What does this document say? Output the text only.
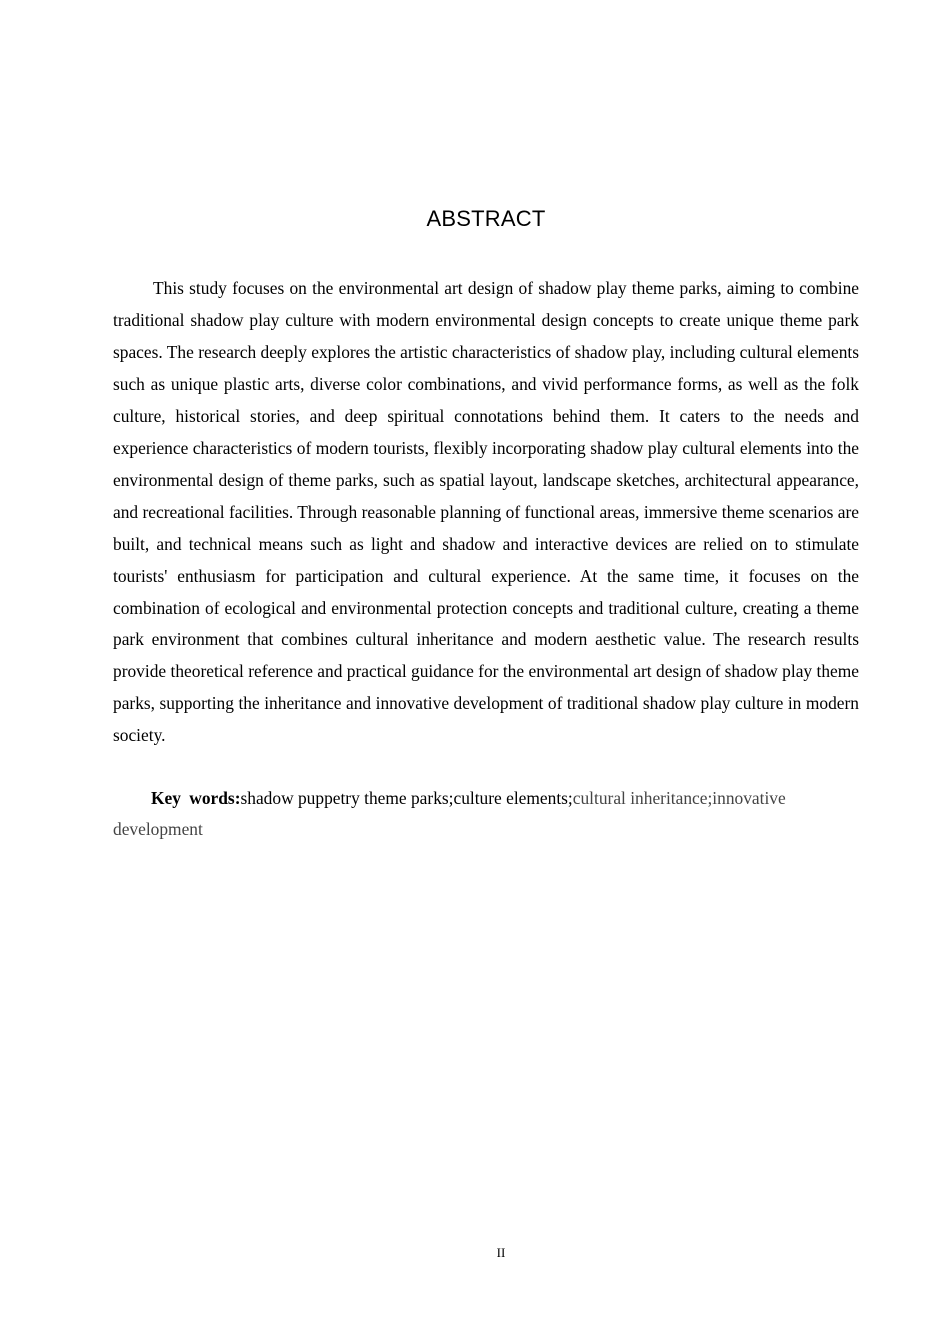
ABSTRACT

This study focuses on the environmental art design of shadow play theme parks, aiming to combine traditional shadow play culture with modern environmental design concepts to create unique theme park spaces. The research deeply explores the artistic characteristics of shadow play, including cultural elements such as unique plastic arts, diverse color combinations, and vivid performance forms, as well as the folk culture, historical stories, and deep spiritual connotations behind them. It caters to the needs and experience characteristics of modern tourists, flexibly incorporating shadow play cultural elements into the environmental design of theme parks, such as spatial layout, landscape sketches, architectural appearance, and recreational facilities. Through reasonable planning of functional areas, immersive theme scenarios are built, and technical means such as light and shadow and interactive devices are relied on to stimulate tourists' enthusiasm for participation and cultural experience. At the same time, it focuses on the combination of ecological and environmental protection concepts and traditional culture, creating a theme park environment that combines cultural inheritance and modern aesthetic value. The research results provide theoretical reference and practical guidance for the environmental art design of shadow play theme parks, supporting the inheritance and innovative development of traditional shadow play culture in modern society.

Key words:shadow puppetry theme parks;culture elements;cultural inheritance;innovative development

II
